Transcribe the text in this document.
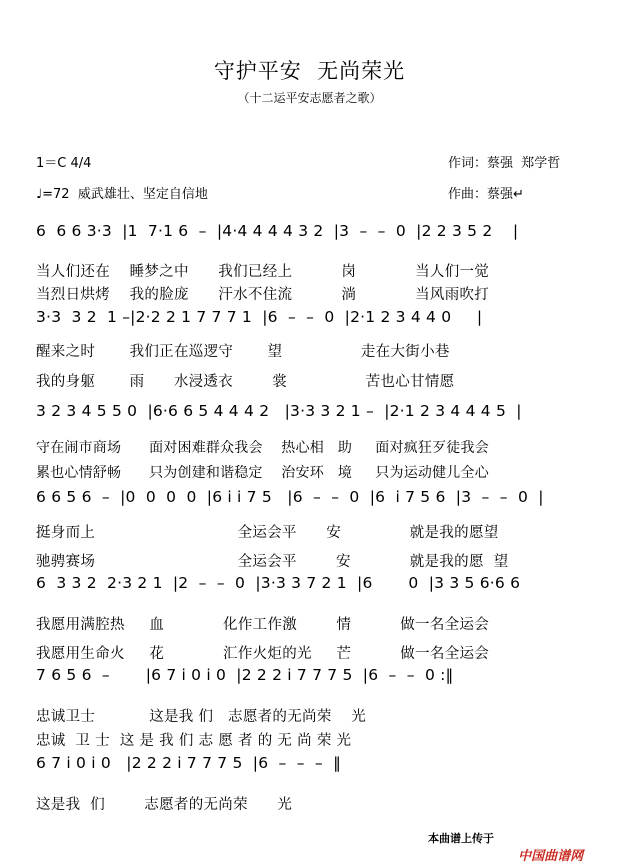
守护平安  无尚荣光
（十二运平安志愿者之歌）
1＝C 4/4
♩=72  威武雄壮、坚定自信地
作词：蔡强  郑学哲
作曲：蔡强↵
6  6 6 3·3  |1  7·1 6  –  |4·4 4 4 4 3 2  |3  –  –  0  |2 2 3 5 2    |
当人们还在    睡梦之中      我们已经上          岗            当人们一觉
当烈日烘烤    我的脸庞      汗水不住流          淌            当风雨吹打
3·3  3 2  1 –|2·2 2 1 7 7 7 1  |6  –  –  0  |2·1 2 3 4 4 0     |
醒来之时       我们正在巡逻守       望                走在大街小巷
我的身躯       雨      水浸透衣        裳                苦也心甘情愿
3 2 3 4 5 5 0  |6·6 6 5 4 4 4 2   |3·3 3 2 1 –  |2·1 2 3 4 4 4 5  |
守在闹市商场      面对困难群众我会    热心相   助     面对疯狂歹徒我会
累也心情舒畅      只为创建和谐稳定    治安环   境     只为运动健儿全心
6 6 5 6  –  |0  0  0  0  |6 i i 7 5   |6  –  –  0  |6  i 7 5 6  |3  –  –  0  |
挺身而上                             全运会平      安              就是我的愿望
驰骋赛场                             全运会平        安            就是我的愿  望
6  3 3 2  2·3 2 1  |2  –  –  0  |3·3 3 7 2 1  |6       0  |3 3 5 6·6 6
我愿用满腔热     血            化作工作激        情          做一名全运会
我愿用生命火     花            汇作火炬的光     芒          做一名全运会
7 6 5 6  –       |6 7 i 0 i 0  |2 2 2 i 7 7 7 5  |6  –  –  0 :‖
忠诚卫士           这是我 们   志愿者的无尚荣    光
忠诚  卫 士  这 是 我 们 志 愿 者 的 无 尚 荣 光
6 7 i 0 i 0   |2 2 2 i 7 7 7 5  |6  –  –  –  ‖
这是我  们        志愿者的无尚荣      光
本曲谱上传于

中国曲谱网
